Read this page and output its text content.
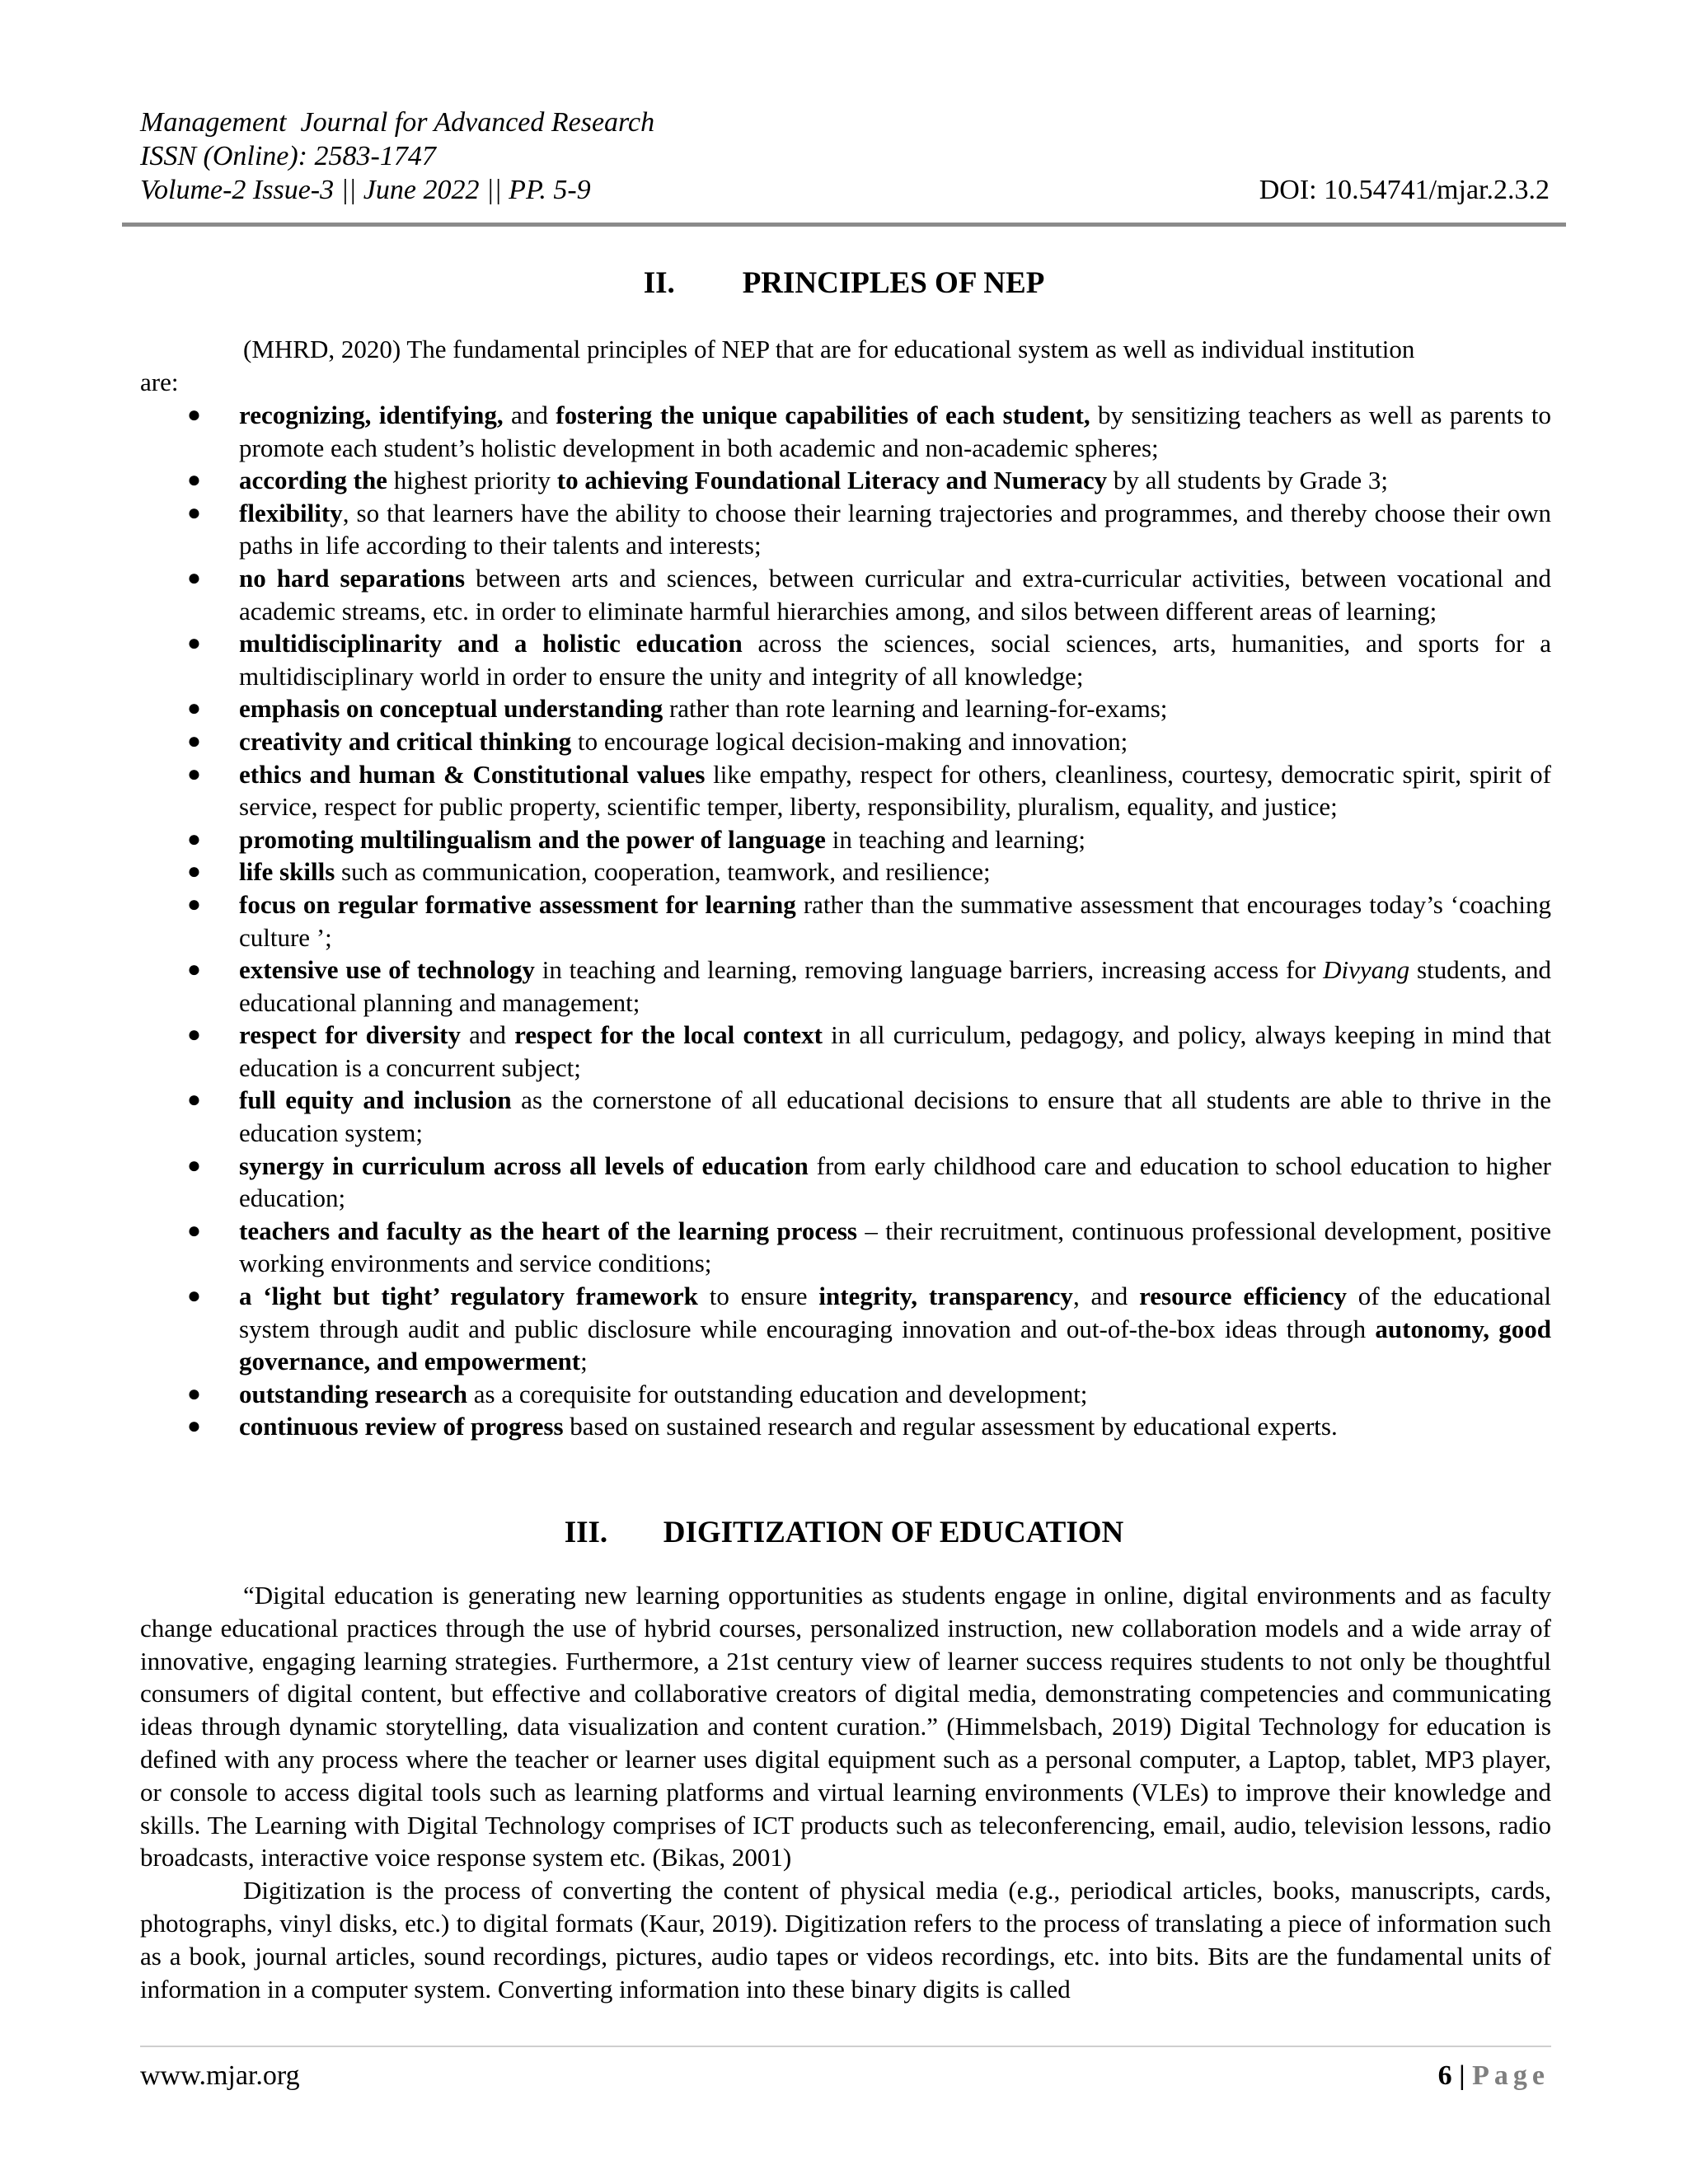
Management  Journal for Advanced Research
ISSN (Online): 2583-1747
Volume-2 Issue-3 || June 2022 || PP. 5-9	DOI: 10.54741/mjar.2.3.2
II. PRINCIPLES OF NEP
(MHRD, 2020) The fundamental principles of NEP that are for educational system as well as individual institution
are:
● recognizing, identifying, and fostering the unique capabilities of each student, by sensitizing teachers as well as parents to promote each student’s holistic development in both academic and non-academic spheres;
● according the highest priority to achieving Foundational Literacy and Numeracy by all students by Grade 3;
● flexibility, so that learners have the ability to choose their learning trajectories and programmes, and thereby choose their own paths in life according to their talents and interests;
● no hard separations between arts and sciences, between curricular and extra-curricular activities, between vocational and academic streams, etc. in order to eliminate harmful hierarchies among, and silos between different areas of learning;
● multidisciplinarity and a holistic education across the sciences, social sciences, arts, humanities, and sports for a multidisciplinary world in order to ensure the unity and integrity of all knowledge;
● emphasis on conceptual understanding rather than rote learning and learning-for-exams;
● creativity and critical thinking to encourage logical decision-making and innovation;
● ethics and human & Constitutional values like empathy, respect for others, cleanliness, courtesy, democratic spirit, spirit of service, respect for public property, scientific temper, liberty, responsibility, pluralism, equality, and justice;
● promoting multilingualism and the power of language in teaching and learning;
● life skills such as communication, cooperation, teamwork, and resilience;
● focus on regular formative assessment for learning rather than the summative assessment that encourages today’s ‘coaching culture ’;
● extensive use of technology in teaching and learning, removing language barriers, increasing access for Divyang students, and educational planning and management;
● respect for diversity and respect for the local context in all curriculum, pedagogy, and policy, always keeping in mind that education is a concurrent subject;
● full equity and inclusion as the cornerstone of all educational decisions to ensure that all students are able to thrive in the education system;
● synergy in curriculum across all levels of education from early childhood care and education to school education to higher education;
● teachers and faculty as the heart of the learning process – their recruitment, continuous professional development, positive working environments and service conditions;
● a ‘light but tight’ regulatory framework to ensure integrity, transparency, and resource efficiency of the educational system through audit and public disclosure while encouraging innovation and out-of-the-box ideas through autonomy, good governance, and empowerment;
● outstanding research as a corequisite for outstanding education and development;
● continuous review of progress based on sustained research and regular assessment by educational experts.
III. DIGITIZATION OF EDUCATION

“Digital education is generating new learning opportunities as students engage in online, digital environments and as faculty change educational practices through the use of hybrid courses, personalized instruction, new collaboration models and a wide array of innovative, engaging learning strategies. Furthermore, a 21st century view of learner success requires students to not only be thoughtful consumers of digital content, but effective and collaborative creators of digital media, demonstrating competencies and communicating ideas through dynamic storytelling, data visualization and content curation.” (Himmelsbach, 2019) Digital Technology for education is defined with any process where the teacher or learner uses digital equipment such as a personal computer, a Laptop, tablet, MP3 player, or console to access digital tools such as learning platforms and virtual learning environments (VLEs) to improve their knowledge and skills. The Learning with Digital Technology comprises of ICT products such as teleconferencing, email, audio, television lessons, radio broadcasts, interactive voice response system etc. (Bikas, 2001)

Digitization is the process of converting the content of physical media (e.g., periodical articles, books, manuscripts, cards, photographs, vinyl disks, etc.) to digital formats (Kaur, 2019). Digitization refers to the process of translating a piece of information such as a book, journal articles, sound recordings, pictures, audio tapes or videos recordings, etc. into bits. Bits are the fundamental units of information in a computer system. Converting information into these binary digits is called

www.mjar.org	6 | Page
